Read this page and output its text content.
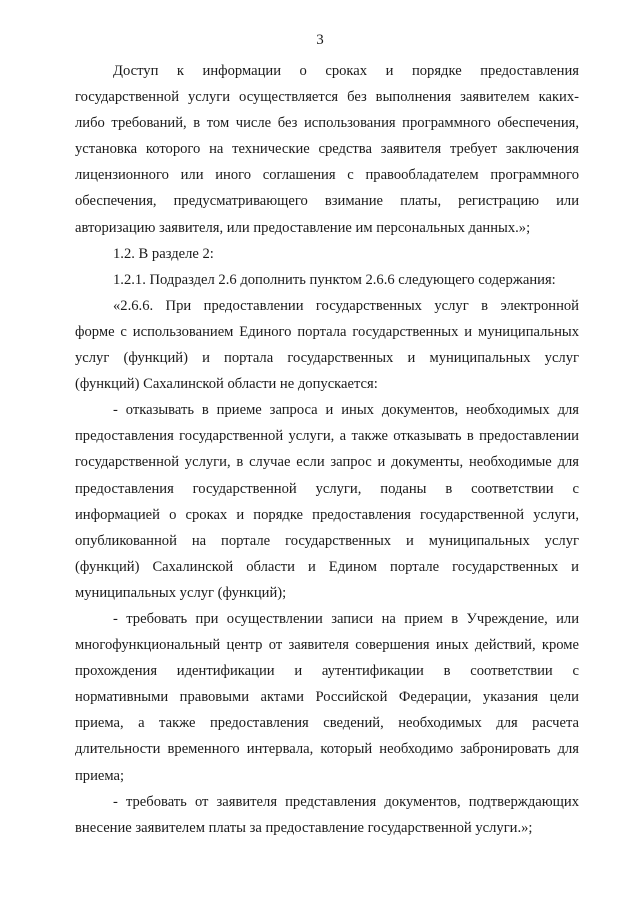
3
Доступ к информации о сроках и порядке предоставления
государственной услуги осуществляется без выполнения заявителем каких-
либо требований, в том числе без использования программного обеспечения,
установка которого на технические средства заявителя требует заключения
лицензионного или иного соглашения с правообладателем программного
обеспечения, предусматривающего взимание платы, регистрацию или
авторизацию заявителя, или предоставление им персональных данных.»;
1.2. В разделе 2:
1.2.1. Подраздел 2.6 дополнить пунктом 2.6.6 следующего содержания:
«2.6.6. При предоставлении государственных услуг в электронной
форме с использованием Единого портала государственных и муниципальных
услуг (функций) и портала государственных и муниципальных услуг
(функций) Сахалинской области не допускается:
- отказывать в приеме запроса и иных документов, необходимых для
предоставления государственной услуги, а также отказывать в предоставлении
государственной услуги, в случае если запрос и документы, необходимые для
предоставления государственной услуги, поданы в соответствии с
информацией о сроках и порядке предоставления государственной услуги,
опубликованной на портале государственных и муниципальных услуг
(функций) Сахалинской области и Едином портале государственных и
муниципальных услуг (функций);
- требовать при осуществлении записи на прием в Учреждение, или
многофункциональный центр от заявителя совершения иных действий, кроме
прохождения идентификации и аутентификации в соответствии с
нормативными правовыми актами Российской Федерации, указания цели
приема, а также предоставления сведений, необходимых для расчета
длительности временного интервала, который необходимо забронировать для
приема;
- требовать от заявителя представления документов, подтверждающих
внесение заявителем платы за предоставление государственной услуги.»;
